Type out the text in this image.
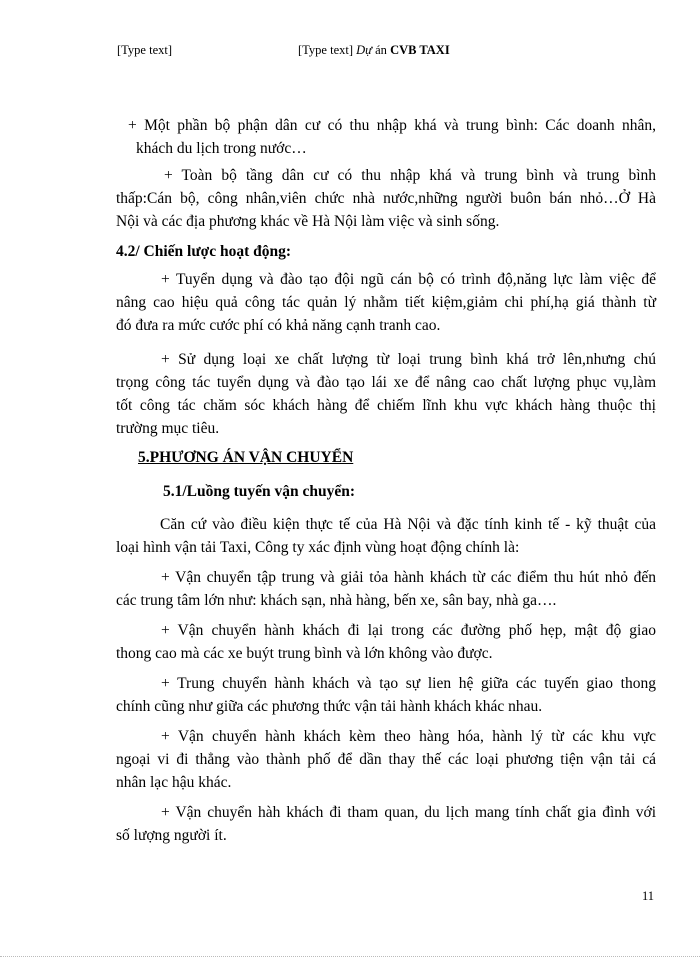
[Type text]	[Type text] Dự án CVB TAXI
+ Một phần bộ phận dân cư có thu nhập khá và trung bình: Các doanh nhân,
khách du lịch trong nước…
+ Toàn bộ tầng dân cư có thu nhập khá và trung bình và trung bình
thấp:Cán bộ, công nhân,viên chức nhà nước,những người buôn bán nhỏ…Ở Hà
Nội và các địa phương khác về Hà Nội làm việc và sinh sống.
4.2/ Chiến lược hoạt động:
+ Tuyển dụng và đào tạo đội ngũ cán bộ có trình độ,năng lực làm việc để
nâng cao hiệu quả công tác quản lý nhằm tiết kiệm,giảm chi phí,hạ giá thành từ
đó đưa ra mức cước phí có khả năng cạnh tranh cao.
+ Sử dụng loại xe chất lượng từ loại trung bình khá trở lên,nhưng chú
trọng công tác tuyển dụng và đào tạo lái xe để nâng cao chất lượng phục vụ,làm
tốt công tác chăm sóc khách hàng để chiếm lĩnh khu vực khách hàng thuộc thị
trường mục tiêu.
5.PHƯƠNG ÁN VẬN CHUYỂN
5.1/Luồng tuyến vận chuyển:
Căn cứ vào điều kiện thực tế của Hà Nội và đặc tính kinh tế - kỹ thuật của
loại hình vận tải Taxi, Công ty xác định vùng hoạt động chính là:
+ Vận chuyển tập trung và giải tỏa hành khách từ các điểm thu hút nhỏ đến
các trung tâm lớn như: khách sạn, nhà hàng, bến xe, sân bay, nhà ga….
+ Vận chuyển hành khách đi lại trong các đường phố hẹp, mật độ giao
thong cao mà các xe buýt trung bình và lớn không vào được.
+ Trung chuyển hành khách và tạo sự lien hệ giữa các tuyến giao thong
chính cũng như giữa các phương thức vận tải hành khách khác nhau.
+ Vận chuyển hành khách kèm theo hàng hóa, hành lý từ các khu vực
ngoại vi đi thẳng vào thành phố để dần thay thế các loại phương tiện vận tải cá
nhân lạc hậu khác.
+ Vận chuyển hàh khách đi tham quan, du lịch mang tính chất gia đình với
số lượng người ít.
11
